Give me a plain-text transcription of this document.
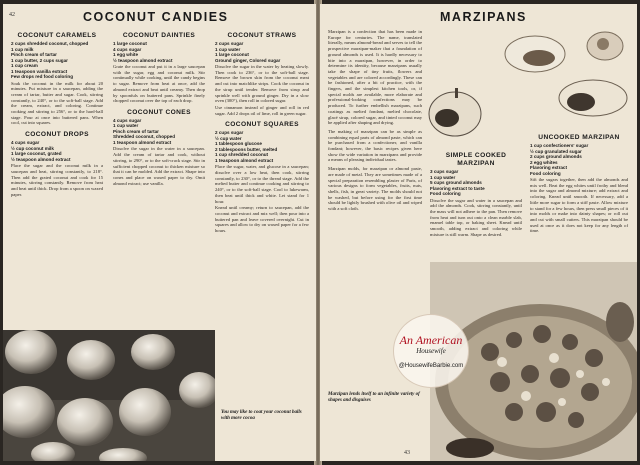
42	COCONUT CANDIES
COCONUT CARAMELS
2 cups shredded coconut, chopped
1 cup milk
Pinch cream of tartar
1 cup butter, 2 cups sugar
1 cup cream
1 teaspoon vanilla extract
Few drops red food coloring
Soak the coconut in the milk for about 20 minutes. Put mixture in a saucepan, adding the cream of tartar, butter and sugar. Cook, stirring constantly, to 240°, or to the soft-ball stage. Add the cream, extract, and coloring. Continue cooking and stirring to 256°, or to the hard-ball stage. Pour at once into buttered pans. When cool, cut into squares.
COCONUT DROPS
4 cups sugar
½ cup coconut milk
1 large coconut, grated
½ teaspoon almond extract
Place the sugar and the coconut milk in a saucepan and heat, stirring constantly, to 218°. Then add the grated coconut and cook for 15 minutes, stirring constantly. Remove from heat and beat until thick. Drop from a spoon on waxed paper.
COCONUT DAINTIES
1 large coconut
4 cups sugar
1 egg white
½ teaspoon almond extract
Grate the coconut and put it in a large saucepan with the sugar, egg and coconut milk. Stir continually while cooking, until the candy begins to sugar. Remove from heat at once, add the almond extract and beat until creamy. Then drop by spoonfuls on buttered pans. Sprinkle finely chopped coconut over the top of each drop.
COCONUT CONES
4 cups sugar
1 cup water
Pinch cream of tartar
Shredded coconut, chopped
1 teaspoon almond extract
Dissolve the sugar in the water in a saucepan. Add the cream of tartar and cook, without stirring, to 290°, or to the soft-crack stage. Stir in sufficient chopped coconut to thicken mixture so that it can be molded. Add the extract. Shape into cones and place on waxed paper to dry. Omit almond extract; use vanilla.
COCONUT STRAWS
2 cups sugar
1 cup water
1 large coconut
Ground ginger, Colored sugar
Dissolve the sugar in the water by heating slowly. Then cook to 236°, or to the soft-ball stage. Remove the brown skin from the coconut meat and cut into matchlike strips. Cook the coconut in the sirup until tender. Remove from sirup and sprinkle well with ground ginger. Dry in a slow oven (300°), then roll in colored sugar.
Use cinnamon instead of ginger and roll in red sugar. Add 2 drops oil of lime, roll in green sugar.
COCONUT SQUARES
2 cups sugar
½ cup water
1 tablespoon glucose
2 tablespoons butter, melted
1 cup shredded coconut
1 teaspoon almond extract
Place the sugar, water, and glucose in a saucepan; dissolve over a low heat, then cook, stirring constantly, to 230°, or to the thread stage. Add the melted butter and continue cooking and stirring to 240°, or to the soft-ball stage. Cool to lukewarm, then beat until thick and white. Let stand for 1 hour.
Knead until creamy; return to saucepan, add the coconut and extract and mix well; then pour into a buttered pan and leave covered overnight. Cut in squares and allow to dry on waxed paper for a few hours.
You may like to coat your coconut balls with more cocoa
MARZIPANS
Marzipan is a confection that has been made in Europe for centuries. The name, translated literally, means almond-bread and serves to tell the prospective marzipan-maker that a foundation of ground almonds is used. It is hardly necessary to bite into a marzipan, however, in order to determine its identity, because marzipans usually take the shape of tiny fruits, flowers and vegetables and are colored accordingly. These can be fashioned, after a bit of practice, with the fingers, and the simplest kitchen tools, or, if special molds are available, more elaborate and professional-looking confections may be produced. To further embellish marzipans, such coatings as melted fondant, melted chocolate, glacé sirup, colored sugar, and tinted coconut may be applied after shaping and drying.
The making of marzipan can be as simple as combining equal parts of almond paste, which can be purchased from a confectioner, and vanilla fondant; however, the basic recipes given here show the wide variation in marzipans and provide a means of pleasing individual tastes.
Marzipan molds, for marzipan or almond paste, are made of metal. They are sometimes made of a special preparation resembling plaster of Paris, of various designs to form vegetables, fruits, nuts, shells, fish, in great variety. The molds should not be washed, but before using for the first time should be lightly brushed with olive oil and wiped with a soft cloth.
SIMPLE COOKED MARZIPAN
3 cups sugar
1 cup water
5 cups ground almonds
Flavoring extract to taste
Food coloring
Dissolve the sugar and water in a saucepan and add the almonds. Cook, stirring constantly, until the mass will not adhere to the pan. Then remove from heat and turn out onto a clean marble slab, enamel table top, or baking sheet. Knead until smooth, adding extract and coloring while mixture is still warm. Shape as desired.
UNCOOKED MARZIPAN
1 cup confectioners' sugar
½ cup granulated sugar
2 cups ground almonds
2 egg whites
Flavoring extract
Food coloring
Sift the sugars together, then add the almonds and mix well. Beat the egg whites until frothy and blend into the sugar and almond mixture; add extract and coloring. Knead until smooth. If necessary, add a little more sugar to form a stiff paste. Allow mixture to stand for a few hours, then press small pieces of it into molds or make into dainty shapes; or roll out and cut with small cutters. This marzipan should be used at once as it does not keep for any length of time.
An American
Housewife
@HousewifeBarbie.com
Marzipan lends itself to an infinite variety of shapes and disguises
43
